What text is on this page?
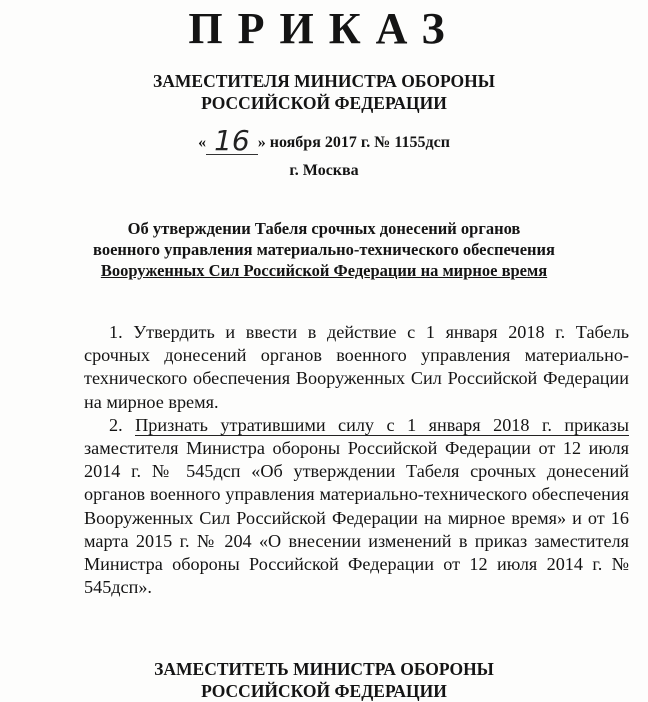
ПРИКАЗ
ЗАМЕСТИТЕЛЯ МИНИСТРА ОБОРОНЫ
РОССИЙСКОЙ ФЕДЕРАЦИИ
« 16 » ноября 2017 г. № 1155дсп
г. Москва
Об утверждении Табеля срочных донесений органов
военного управления материально-технического обеспечения
Вооруженных Сил Российской Федерации на мирное время

1. Утвердить и ввести в действие с 1 января 2018 г. Табель срочных донесений органов военного управления материально-технического обеспечения Вооруженных Сил Российской Федерации на мирное время.

2. Признать утратившими силу с 1 января 2018 г. приказы заместителя Министра обороны Российской Федерации от 12 июля 2014 г. № 545дсп «Об утверждении Табеля срочных донесений органов военного управления материально-технического обеспечения Вооруженных Сил Российской Федерации на мирное время» и от 16 марта 2015 г. № 204 «О внесении изменений в приказ заместителя Министра обороны Российской Федерации от 12 июля 2014 г. № 545дсп».

ЗАМЕСТИТЕТЬ МИНИСТРА ОБОРОНЫ
РОССИЙСКОЙ ФЕДЕРАЦИИ
